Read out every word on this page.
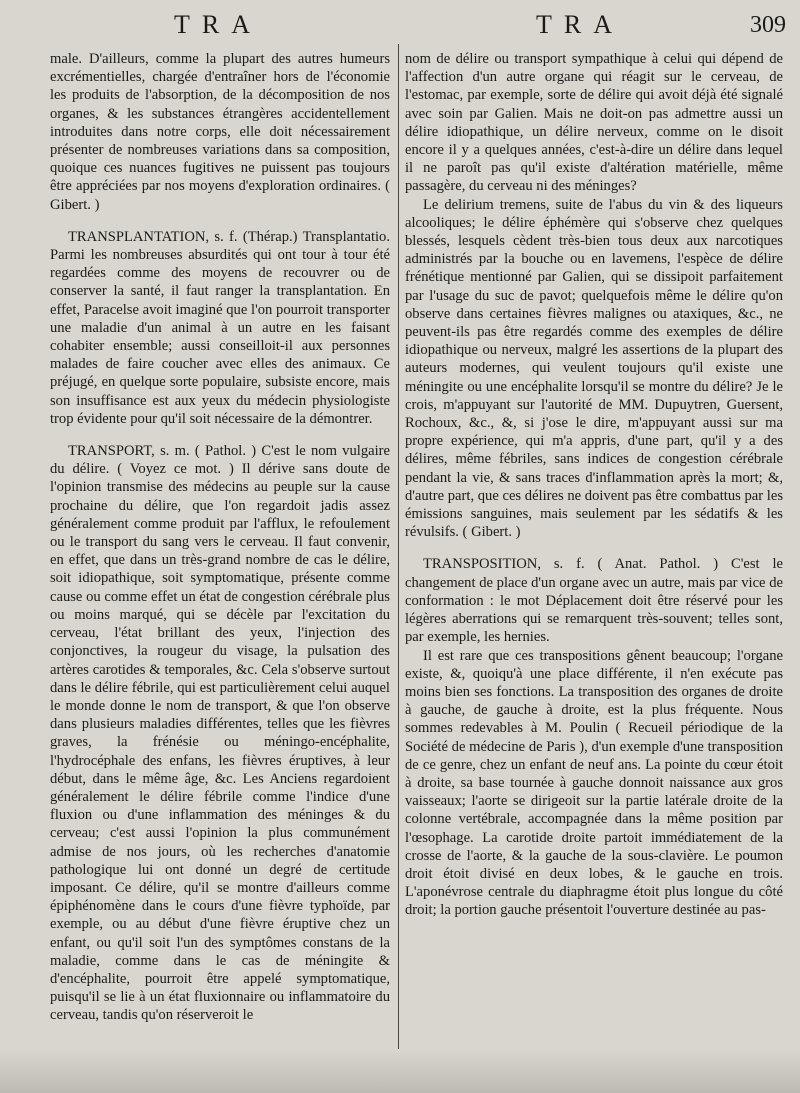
TRA	TRA	309

male. D'ailleurs, comme la plupart des autres humeurs excrémentielles, chargée d'entraîner hors de l'économie les produits de l'absorption, de la décomposition de nos organes, & les substances étrangères accidentellement introduites dans notre corps, elle doit nécessairement présenter de nombreuses variations dans sa composition, quoique ces nuances fugitives ne puissent pas toujours être appréciées par nos moyens d'exploration ordinaires. ( Gibert. )

TRANSPLANTATION, s. f. (Thérap.) Transplantatio. Parmi les nombreuses absurdités qui ont tour à tour été regardées comme des moyens de recouvrer ou de conserver la santé, il faut ranger la transplantation. En effet, Paracelse avoit imaginé que l'on pourroit transporter une maladie d'un animal à un autre en les faisant cohabiter ensemble; aussi conseilloit-il aux personnes malades de faire coucher avec elles des animaux. Ce préjugé, en quelque sorte populaire, subsiste encore, mais son insuffisance est aux yeux du médecin physiologiste trop évidente pour qu'il soit nécessaire de la démontrer.

TRANSPORT, s. m. ( Pathol. ) C'est le nom vulgaire du délire. ( Voyez ce mot. ) Il dérive sans doute de l'opinion transmise des médecins au peuple sur la cause prochaine du délire, que l'on regardoit jadis assez généralement comme produit par l'afflux, le refoulement ou le transport du sang vers le cerveau. Il faut convenir, en effet, que dans un très-grand nombre de cas le délire, soit idiopathique, soit symptomatique, présente comme cause ou comme effet un état de congestion cérébrale plus ou moins marqué, qui se décèle par l'excitation du cerveau, l'état brillant des yeux, l'injection des conjonctives, la rougeur du visage, la pulsation des artères carotides & temporales, &c. Cela s'observe surtout dans le délire fébrile, qui est particulièrement celui auquel le monde donne le nom de transport, & que l'on observe dans plusieurs maladies différentes, telles que les fièvres graves, la frénésie ou méningo-encéphalite, l'hydrocéphale des enfans, les fièvres éruptives, à leur début, dans le même âge, &c. Les Anciens regardoient généralement le délire fébrile comme l'indice d'une fluxion ou d'une inflammation des méninges & du cerveau; c'est aussi l'opinion la plus communément admise de nos jours, où les recherches d'anatomie pathologique lui ont donné un degré de certitude imposant. Ce délire, qu'il se montre d'ailleurs comme épiphénomène dans le cours d'une fièvre typhoïde, par exemple, ou au début d'une fièvre éruptive chez un enfant, ou qu'il soit l'un des symptômes constans de la maladie, comme dans le cas de méningite & d'encéphalite, pourroit être appelé symptomatique, puisqu'il se lie à un état fluxionnaire ou inflammatoire du cerveau, tandis qu'on réserveroit le

nom de délire ou transport sympathique à celui qui dépend de l'affection d'un autre organe qui réagit sur le cerveau, de l'estomac, par exemple, sorte de délire qui avoit déjà été signalé avec soin par Galien. Mais ne doit-on pas admettre aussi un délire idiopathique, un délire nerveux, comme on le disoit encore il y a quelques années, c'est-à-dire un délire dans lequel il ne paroît pas qu'il existe d'altération matérielle, même passagère, du cerveau ni des méninges?

Le delirium tremens, suite de l'abus du vin & des liqueurs alcooliques; le délire éphémère qui s'observe chez quelques blessés, lesquels cèdent très-bien tous deux aux narcotiques administrés par la bouche ou en lavemens, l'espèce de délire frénétique mentionné par Galien, qui se dissipoit parfaitement par l'usage du suc de pavot; quelquefois même le délire qu'on observe dans certaines fièvres malignes ou ataxiques, &c., ne peuvent-ils pas être regardés comme des exemples de délire idiopathique ou nerveux, malgré les assertions de la plupart des auteurs modernes, qui veulent toujours qu'il existe une méningite ou une encéphalite lorsqu'il se montre du délire? Je le crois, m'appuyant sur l'autorité de MM. Dupuytren, Guersent, Rochoux, &c., &, si j'ose le dire, m'appuyant aussi sur ma propre expérience, qui m'a appris, d'une part, qu'il y a des délires, même fébriles, sans indices de congestion cérébrale pendant la vie, & sans traces d'inflammation après la mort; &, d'autre part, que ces délires ne doivent pas être combattus par les émissions sanguines, mais seulement par les sédatifs & les révulsifs. ( Gibert. )

TRANSPOSITION, s. f. ( Anat. Pathol. ) C'est le changement de place d'un organe avec un autre, mais par vice de conformation : le mot Déplacement doit être réservé pour les légères aberrations qui se remarquent très-souvent; telles sont, par exemple, les hernies.

Il est rare que ces transpositions gênent beaucoup; l'organe existe, &, quoiqu'à une place différente, il n'en exécute pas moins bien ses fonctions. La transposition des organes de droite à gauche, de gauche à droite, est la plus fréquente. Nous sommes redevables à M. Poulin ( Recueil périodique de la Société de médecine de Paris ), d'un exemple d'une transposition de ce genre, chez un enfant de neuf ans. La pointe du cœur étoit à droite, sa base tournée à gauche donnoit naissance aux gros vaisseaux; l'aorte se dirigeoit sur la partie latérale droite de la colonne vertébrale, accompagnée dans la même position par l'œsophage. La carotide droite partoit immédiatement de la crosse de l'aorte, & la gauche de la sous-clavière. Le poumon droit étoit divisé en deux lobes, & le gauche en trois. L'aponévrose centrale du diaphragme étoit plus longue du côté droit; la portion gauche présentoit l'ouverture destinée au pas-
